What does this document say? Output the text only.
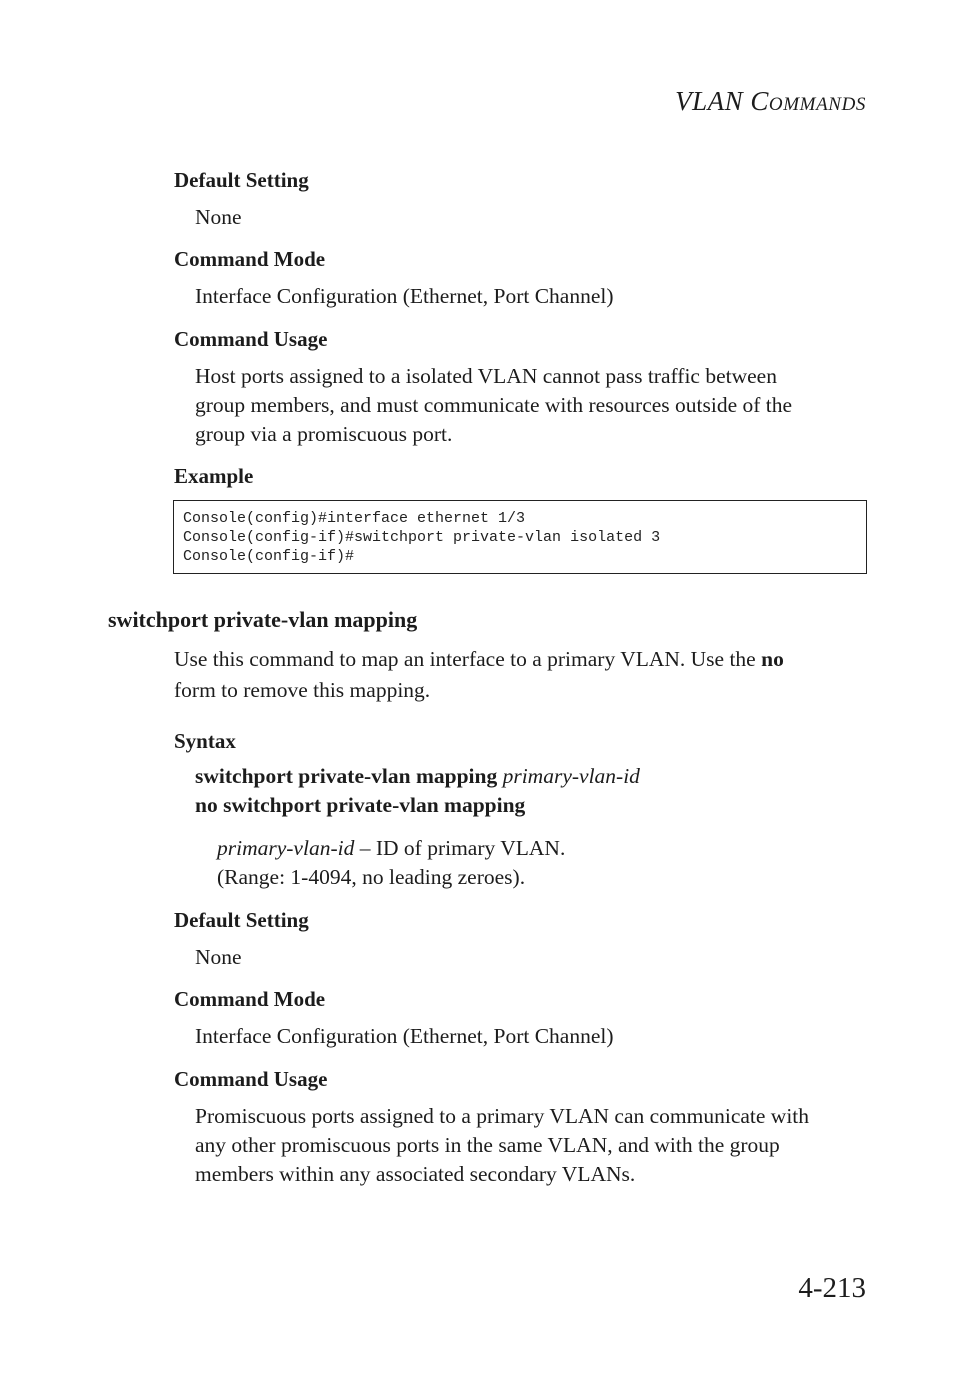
VLAN COMMANDS
Default Setting
None
Command Mode
Interface Configuration (Ethernet, Port Channel)
Command Usage
Host ports assigned to a isolated VLAN cannot pass traffic between
group members, and must communicate with resources outside of the
group via a promiscuous port.
Example
Console(config)#interface ethernet 1/3
Console(config-if)#switchport private-vlan isolated 3
Console(config-if)#
switchport private-vlan mapping
Use this command to map an interface to a primary VLAN. Use the no
form to remove this mapping.
Syntax
switchport private-vlan mapping primary-vlan-id
no switchport private-vlan mapping
primary-vlan-id – ID of primary VLAN.
(Range: 1-4094, no leading zeroes).
Default Setting
None
Command Mode
Interface Configuration (Ethernet, Port Channel)
Command Usage
Promiscuous ports assigned to a primary VLAN can communicate with
any other promiscuous ports in the same VLAN, and with the group
members within any associated secondary VLANs.
4-213
